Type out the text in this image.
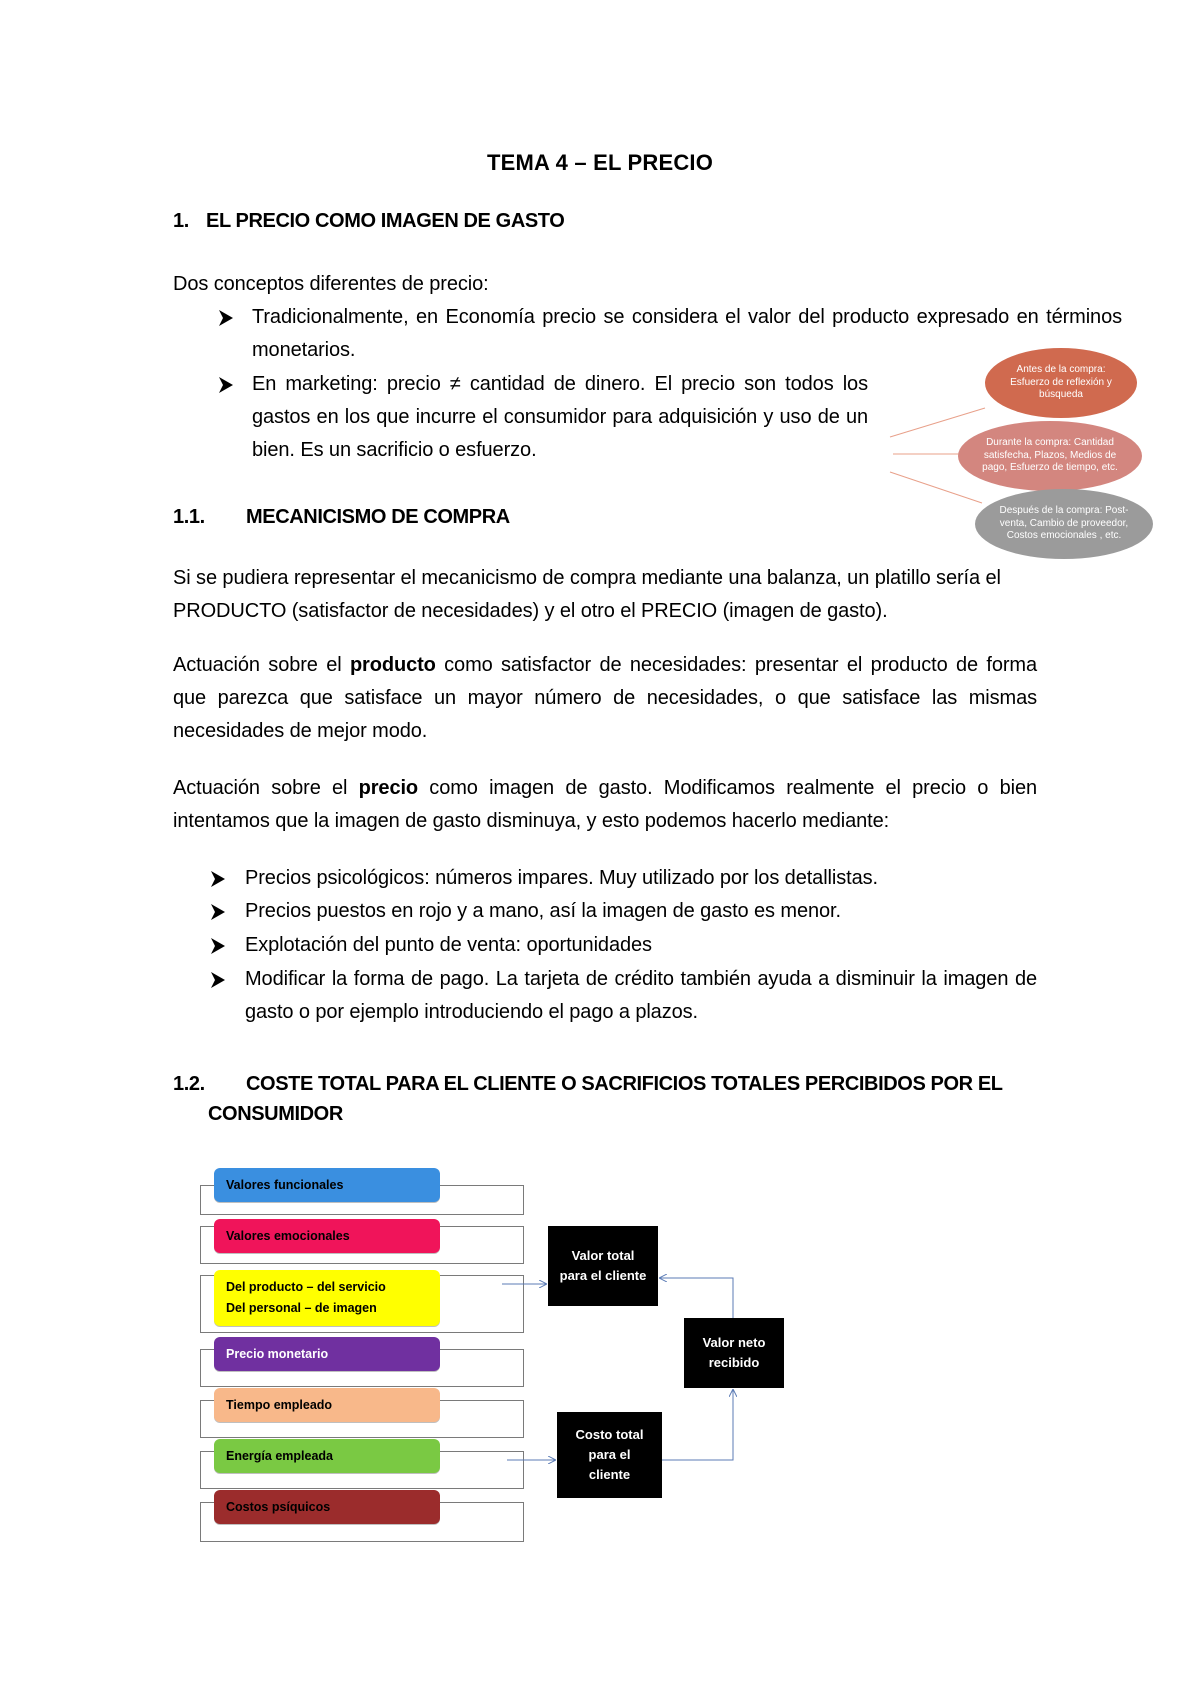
TEMA 4 – EL PRECIO
1. EL PRECIO COMO IMAGEN DE GASTO
Dos conceptos diferentes de precio:
Tradicionalmente, en Economía precio se considera el valor del producto expresado en términos monetarios.
En marketing: precio ≠ cantidad de dinero. El precio son todos los gastos en los que incurre el consumidor para adquisición y uso de un bien. Es un sacrificio o esfuerzo.
Antes de la compra: Esfuerzo de reflexión y búsqueda
Durante la compra: Cantidad satisfecha, Plazos, Medios de pago, Esfuerzo de tiempo, etc.
Después de la compra: Post-venta, Cambio de proveedor, Costos emocionales , etc.
1.1. MECANICISMO DE COMPRA
Si se pudiera representar el mecanicismo de compra mediante una balanza, un platillo sería el PRODUCTO (satisfactor de necesidades) y el otro el PRECIO (imagen de gasto).
Actuación sobre el producto como satisfactor de necesidades: presentar el producto de forma que parezca que satisface un mayor número de necesidades, o que satisface las mismas necesidades de mejor modo.
Actuación sobre el precio como imagen de gasto. Modificamos realmente el precio o bien intentamos que la imagen de gasto disminuya, y esto podemos hacerlo mediante:
Precios psicológicos: números impares. Muy utilizado por los detallistas.
Precios puestos en rojo y a mano, así la imagen de gasto es menor.
Explotación del punto de venta: oportunidades
Modificar la forma de pago. La tarjeta de crédito también ayuda a disminuir la imagen de gasto o por ejemplo introduciendo el pago a plazos.
1.2. COSTE TOTAL PARA EL CLIENTE O SACRIFICIOS TOTALES PERCIBIDOS POR EL
CONSUMIDOR
Valores funcionales
Valores emocionales
Del producto – del servicio
Del personal – de imagen
Precio monetario
Tiempo empleado
Energía empleada
Costos psíquicos
Valor total
para el cliente
Valor neto
recibido
Costo total
para el
cliente
